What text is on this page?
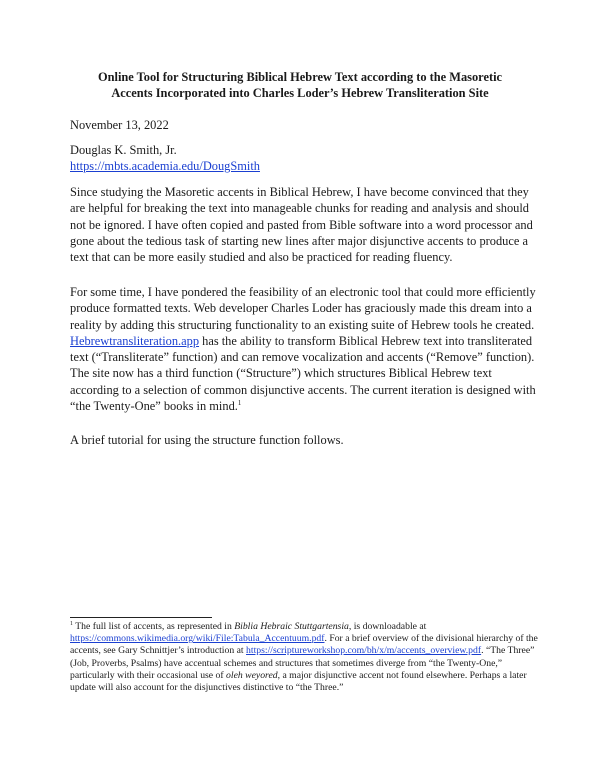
Online Tool for Structuring Biblical Hebrew Text according to the Masoretic
Accents Incorporated into Charles Loder’s Hebrew Transliteration Site
November 13, 2022
Douglas K. Smith, Jr.
https://mbts.academia.edu/DougSmith
Since studying the Masoretic accents in Biblical Hebrew, I have become convinced that they are helpful for breaking the text into manageable chunks for reading and analysis and should not be ignored. I have often copied and pasted from Bible software into a word processor and gone about the tedious task of starting new lines after major disjunctive accents to produce a text that can be more easily studied and also be practiced for reading fluency.
For some time, I have pondered the feasibility of an electronic tool that could more efficiently produce formatted texts. Web developer Charles Loder has graciously made this dream into a reality by adding this structuring functionality to an existing suite of Hebrew tools he created. Hebrewtransliteration.app has the ability to transform Biblical Hebrew text into transliterated text (“Transliterate” function) and can remove vocalization and accents (“Remove” function). The site now has a third function (“Structure”) which structures Biblical Hebrew text according to a selection of common disjunctive accents. The current iteration is designed with “the Twenty-One” books in mind.$^1$
A brief tutorial for using the structure function follows.
$^1$ The full list of accents, as represented in Biblia Hebraic Stuttgartensia, is downloadable at https://commons.wikimedia.org/wiki/File:Tabula_Accentuum.pdf. For a brief overview of the divisional hierarchy of the accents, see Gary Schnittjer’s introduction at https://scriptureworkshop.com/bh/x/m/accents_overview.pdf. “The Three” (Job, Proverbs, Psalms) have accentual schemes and structures that sometimes diverge from “the Twenty-One,” particularly with their occasional use of oleh weyored, a major disjunctive accent not found elsewhere. Perhaps a later update will also account for the disjunctives distinctive to “the Three.”
